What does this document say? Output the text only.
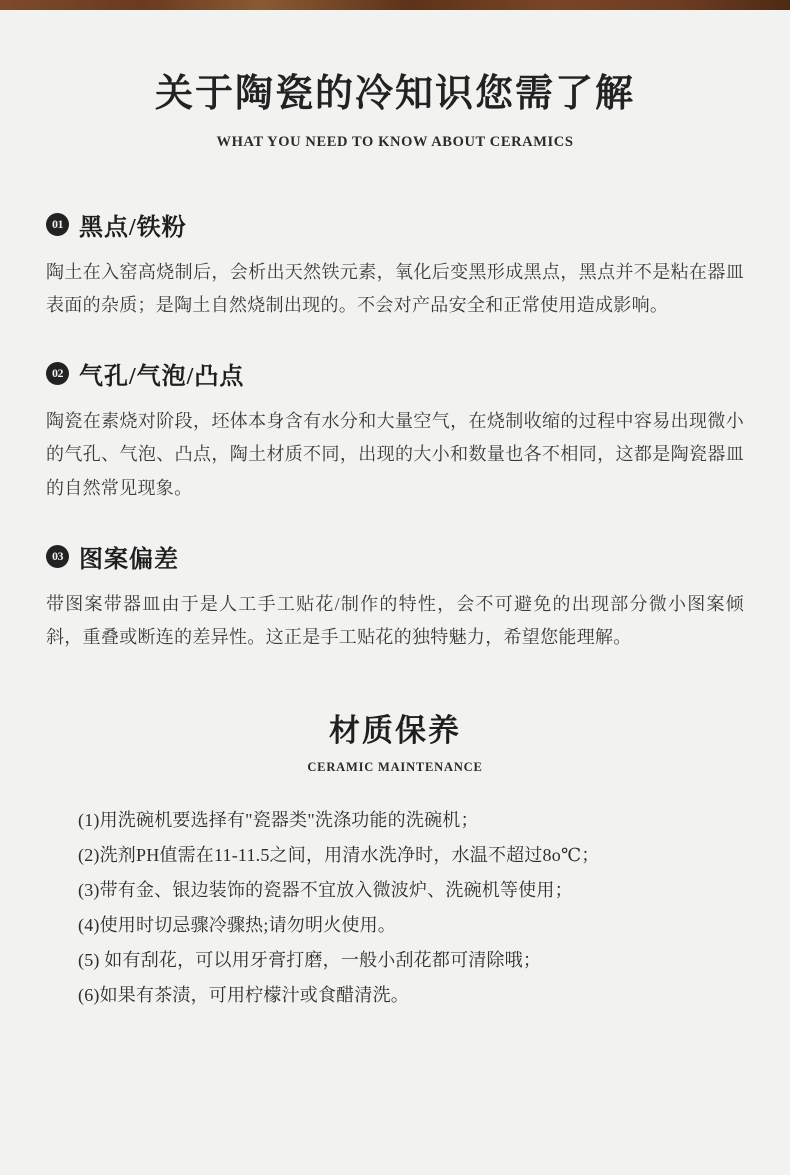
关于陶瓷的冷知识您需了解
WHAT YOU NEED TO KNOW ABOUT CERAMICS
01 黑点/铁粉
陶土在入窑高烧制后，会析出天然铁元素，氧化后变黑形成黑点，黑点并不是粘在器皿表面的杂质；是陶土自然烧制出现的。不会对产品安全和正常使用造成影响。
02 气孔/气泡/凸点
陶瓷在素烧对阶段，坯体本身含有水分和大量空气，在烧制收缩的过程中容易出现微小的气孔、气泡、凸点，陶土材质不同，出现的大小和数量也各不相同，这都是陶瓷器皿的自然常见现象。
03 图案偏差
带图案带器皿由于是人工手工贴花/制作的特性，会不可避免的出现部分微小图案倾斜，重叠或断连的差异性。这正是手工贴花的独特魅力，希望您能理解。
材质保养
CERAMIC MAINTENANCE
(1)用洗碗机要选择有"瓷器类"洗涤功能的洗碗机；
(2)洗剂PH值需在11-11.5之间，用清水洗净时，水温不超过8o℃；
(3)带有金、银边装饰的瓷器不宜放入微波炉、洗碗机等使用；
(4)使用时切忌骤冷骤热;请勿明火使用。
(5) 如有刮花，可以用牙膏打磨，一般小刮花都可清除哦；
(6)如果有茶渍，可用柠檬汁或食醋清洗。
